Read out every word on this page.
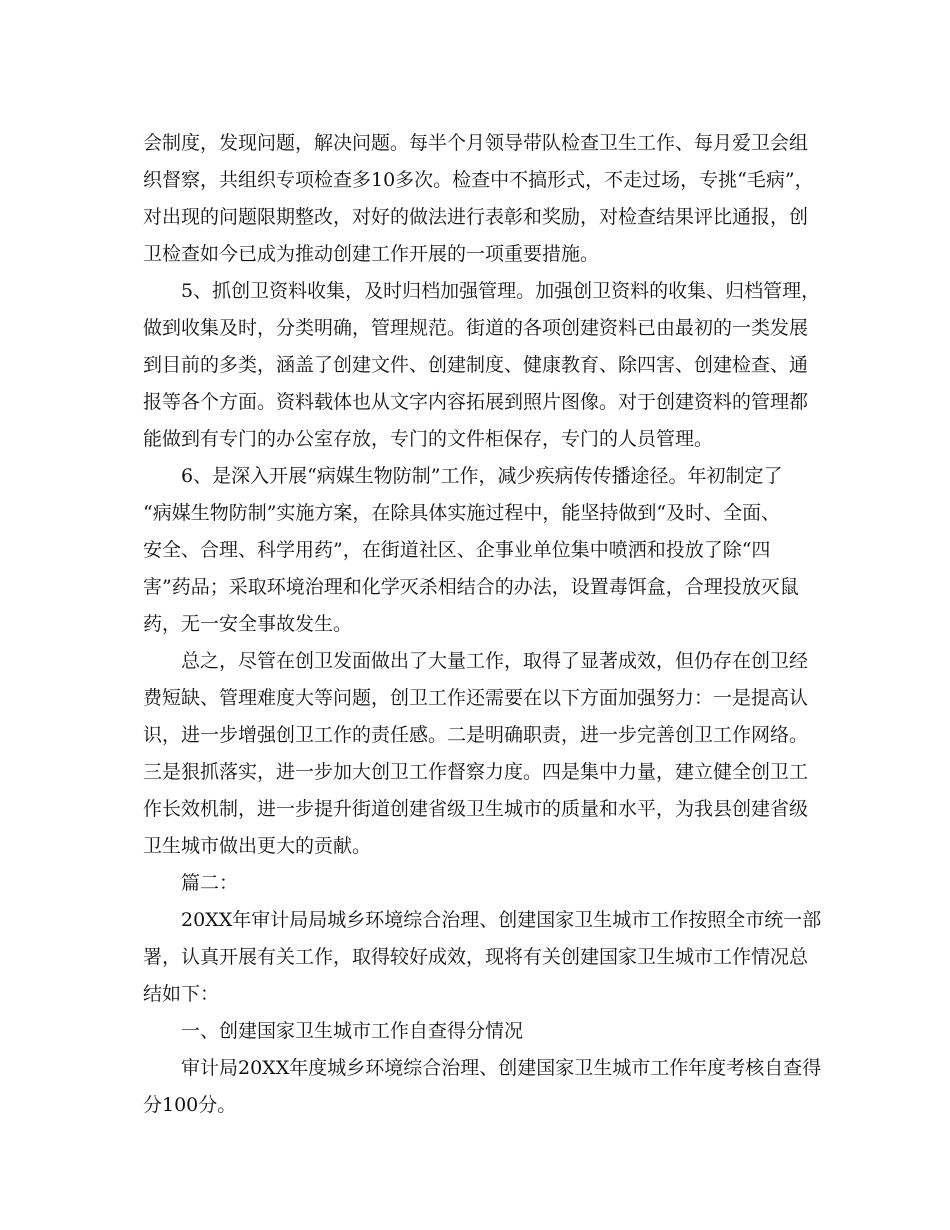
会制度，发现问题，解决问题。每半个月领导带队检查卫生工作、每月爱卫会组
织督察，共组织专项检查多10多次。检查中不搞形式，不走过场，专挑“毛病”，
对出现的问题限期整改，对好的做法进行表彰和奖励，对检查结果评比通报，创
卫检查如今已成为推动创建工作开展的一项重要措施。
5、抓创卫资料收集，及时归档加强管理。加强创卫资料的收集、归档管理，
做到收集及时，分类明确，管理规范。街道的各项创建资料已由最初的一类发展
到目前的多类，涵盖了创建文件、创建制度、健康教育、除四害、创建检查、通
报等各个方面。资料载体也从文字内容拓展到照片图像。对于创建资料的管理都
能做到有专门的办公室存放，专门的文件柜保存，专门的人员管理。
6、是深入开展“病媒生物防制”工作，减少疾病传传播途径。年初制定了
“病媒生物防制”实施方案，在除具体实施过程中，能坚持做到“及时、全面、
安全、合理、科学用药”，在街道社区、企事业单位集中喷洒和投放了除“四
害”药品；采取环境治理和化学灭杀相结合的办法，设置毒饵盒，合理投放灭鼠
药，无一安全事故发生。
总之，尽管在创卫发面做出了大量工作，取得了显著成效，但仍存在创卫经
费短缺、管理难度大等问题，创卫工作还需要在以下方面加强努力：一是提高认
识，进一步增强创卫工作的责任感。二是明确职责，进一步完善创卫工作网络。
三是狠抓落实，进一步加大创卫工作督察力度。四是集中力量，建立健全创卫工
作长效机制，进一步提升街道创建省级卫生城市的质量和水平，为我县创建省级
卫生城市做出更大的贡献。
篇二：
20XX年审计局局城乡环境综合治理、创建国家卫生城市工作按照全市统一部
署，认真开展有关工作，取得较好成效，现将有关创建国家卫生城市工作情况总
结如下：
一、创建国家卫生城市工作自查得分情况
审计局20XX年度城乡环境综合治理、创建国家卫生城市工作年度考核自查得
分100分。
